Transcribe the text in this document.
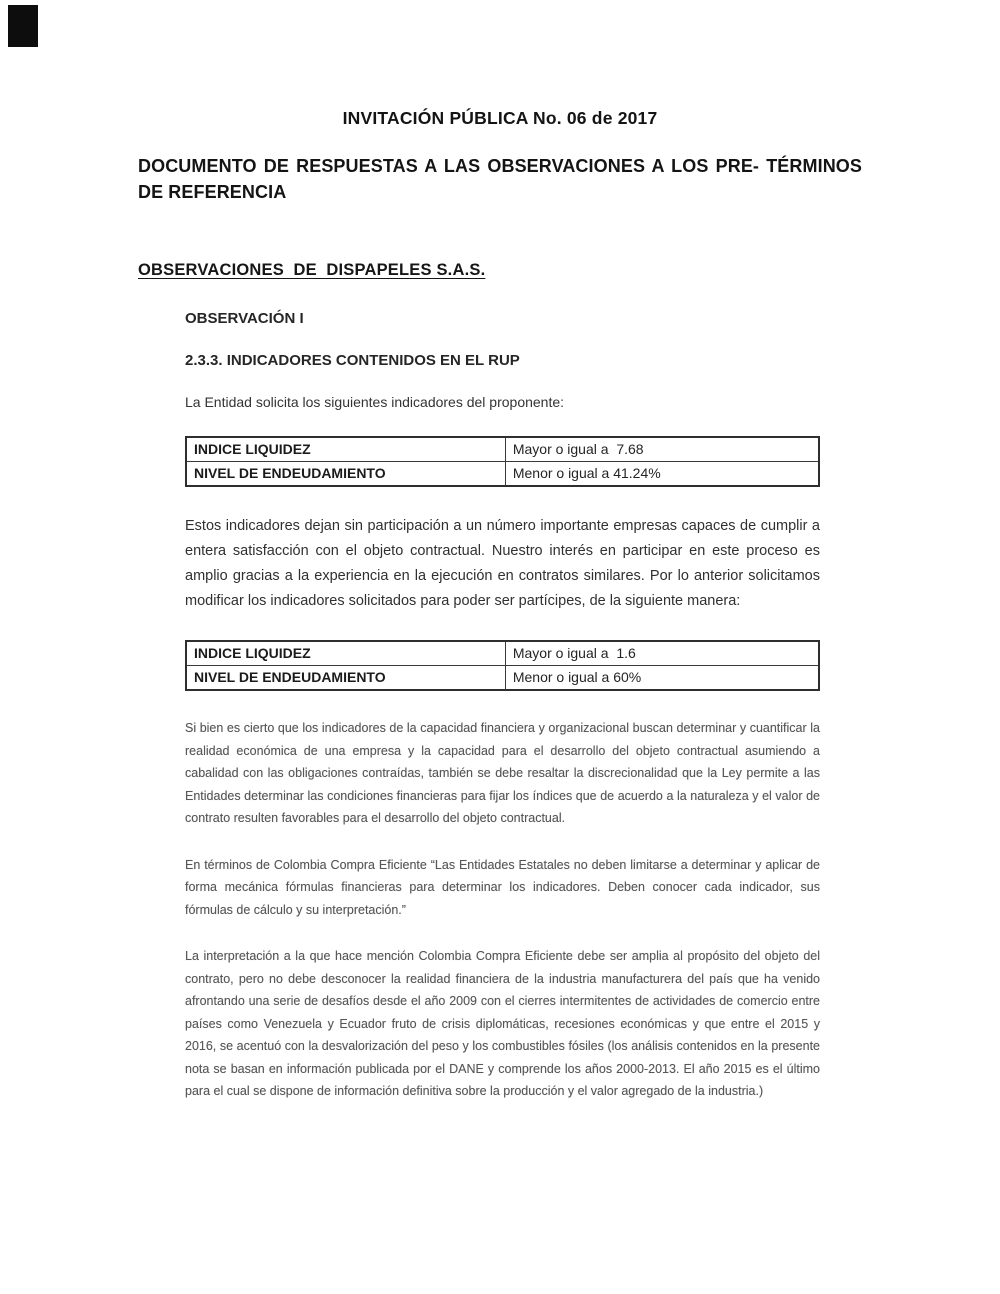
INVITACIÓN PÚBLICA No. 06 de 2017

DOCUMENTO DE RESPUESTAS A LAS OBSERVACIONES A LOS PRE- TÉRMINOS DE REFERENCIA

OBSERVACIONES  DE  DISPAPELES S.A.S.

OBSERVACIÓN I

2.3.3. INDICADORES CONTENIDOS EN EL RUP

La Entidad solicita los siguientes indicadores del proponente:

INDICE LIQUIDEZ	Mayor o igual a  7.68
NIVEL DE ENDEUDAMIENTO	Menor o igual a 41.24%

Estos indicadores dejan sin participación a un número importante empresas capaces de cumplir a entera satisfacción con el objeto contractual. Nuestro interés en participar en este proceso es amplio gracias a la experiencia en la ejecución en contratos similares. Por lo anterior solicitamos modificar los indicadores solicitados para poder ser partícipes, de la siguiente manera:

INDICE LIQUIDEZ	Mayor o igual a  1.6
NIVEL DE ENDEUDAMIENTO	Menor o igual a 60%

Si bien es cierto que los indicadores de la capacidad financiera y organizacional buscan determinar y cuantificar la realidad económica de una empresa y la capacidad para el desarrollo del objeto contractual asumiendo a cabalidad con las obligaciones contraídas, también se debe resaltar la discrecionalidad que la Ley permite a las Entidades determinar las condiciones financieras para fijar los índices que de acuerdo a la naturaleza y el valor de contrato resulten favorables para el desarrollo del objeto contractual.

En términos de Colombia Compra Eficiente “Las Entidades Estatales no deben limitarse a determinar y aplicar de forma mecánica fórmulas financieras para determinar los indicadores. Deben conocer cada indicador, sus fórmulas de cálculo y su interpretación.”

La interpretación a la que hace mención Colombia Compra Eficiente debe ser amplia al propósito del objeto del contrato, pero no debe desconocer la realidad financiera de la industria manufacturera del país que ha venido afrontando una serie de desafíos desde el año 2009 con el cierres intermitentes de actividades de comercio entre países como Venezuela y Ecuador fruto de crisis diplomáticas, recesiones económicas y que entre el 2015 y 2016, se acentuó con la desvalorización del peso y los combustibles fósiles (los análisis contenidos en la presente nota se basan en información publicada por el DANE y comprende los años 2000-2013. El año 2015 es el último para el cual se dispone de información definitiva sobre la producción y el valor agregado de la industria.)
